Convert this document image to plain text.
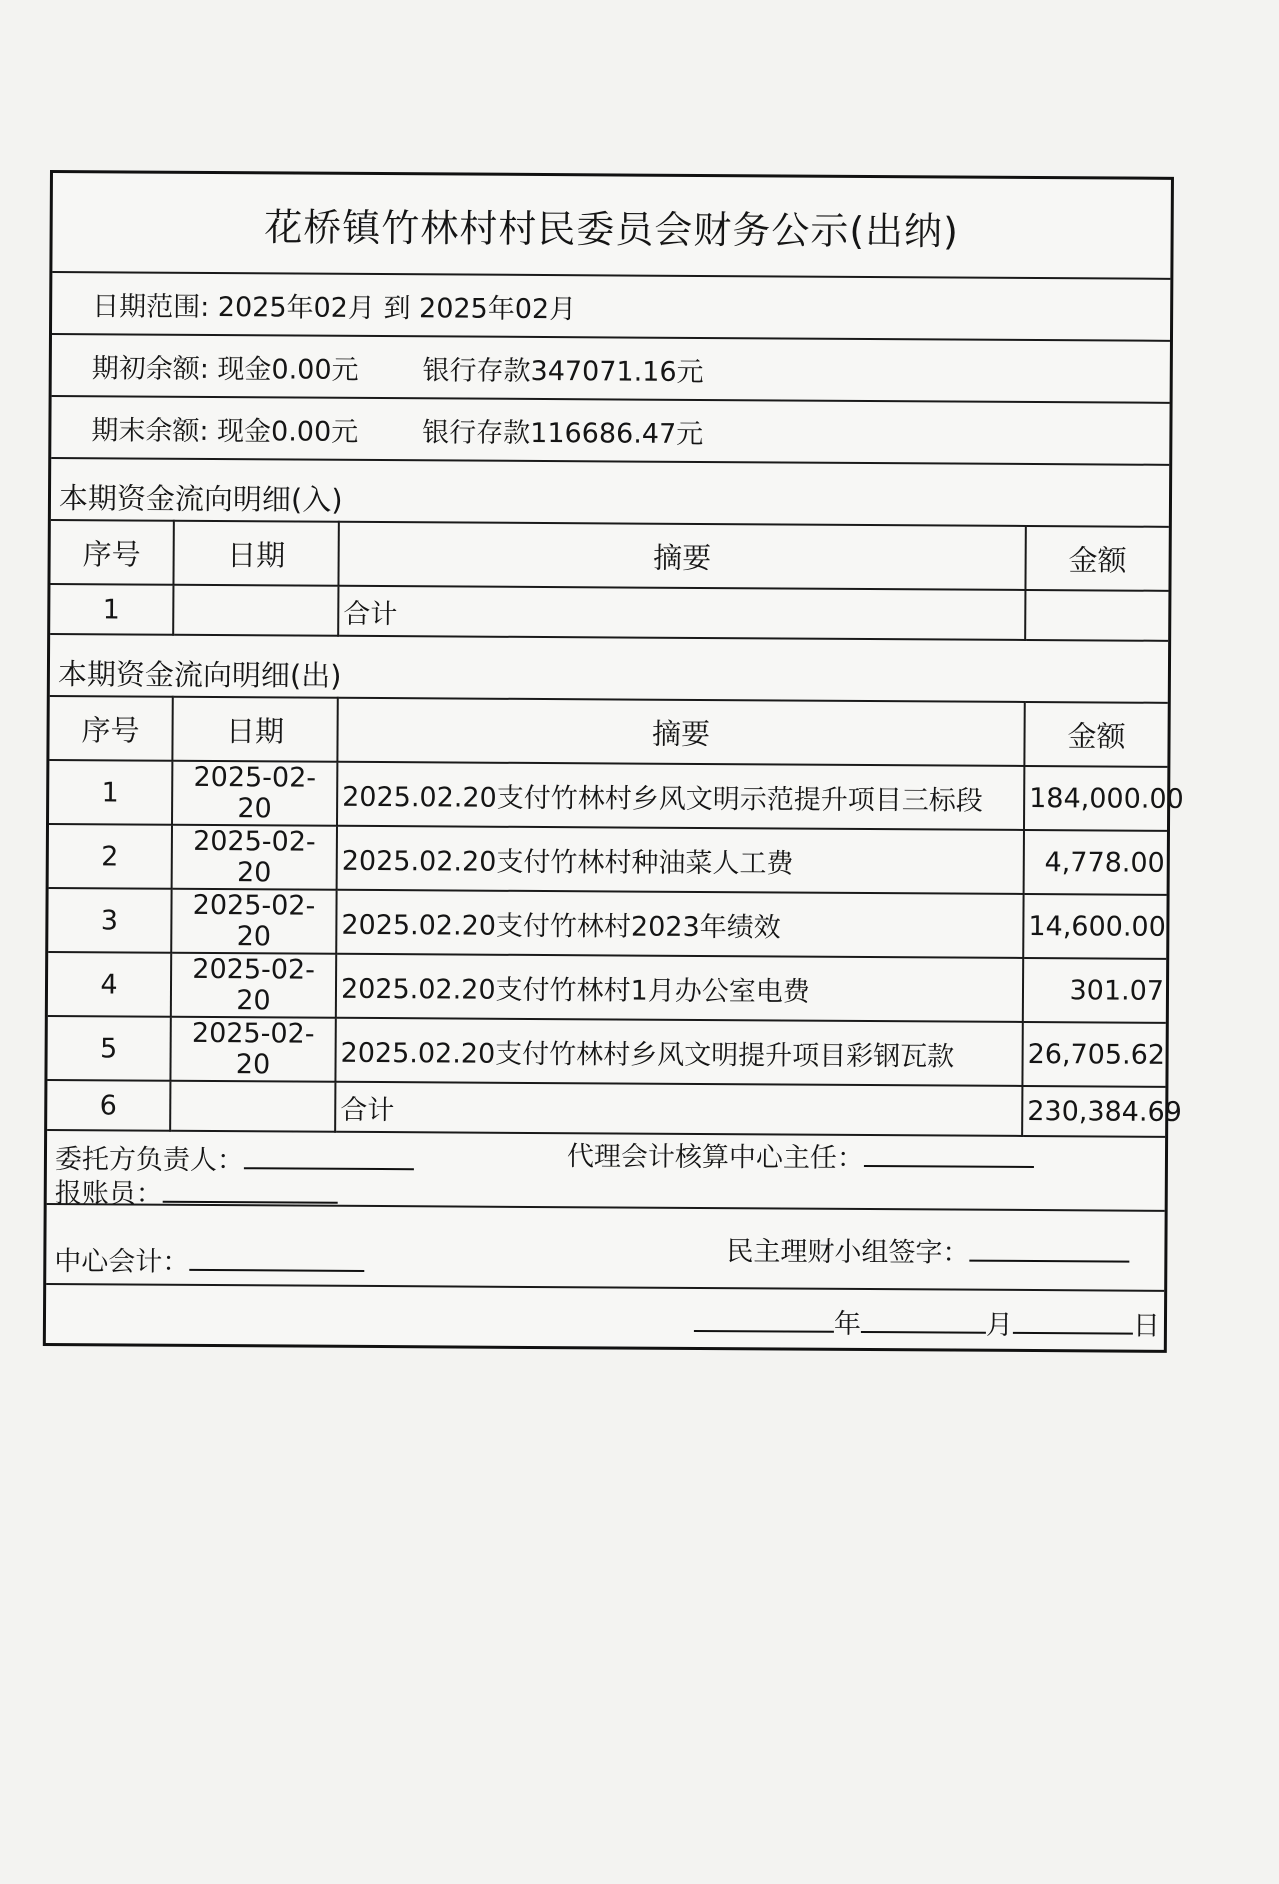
花桥镇竹林村村民委员会财务公示(出纳)
日期范围: 2025年02月 到 2025年02月
期初余额: 现金0.00元 银行存款347071.16元
期末余额: 现金0.00元 银行存款116686.47元
本期资金流向明细(入)
序号	日期	摘要	金额
1		合计	
本期资金流向明细(出)
序号	日期	摘要	金额
1	2025-02-20	2025.02.20支付竹林村乡风文明示范提升项目三标段	184,000.00
2	2025-02-20	2025.02.20支付竹林村种油菜人工费	4,778.00
3	2025-02-20	2025.02.20支付竹林村2023年绩效	14,600.00
4	2025-02-20	2025.02.20支付竹林村1月办公室电费	301.07
5	2025-02-20	2025.02.20支付竹林村乡风文明提升项目彩钢瓦款	26,705.62
6		合计	230,384.69
委托方负责人：	代理会计核算中心主任：
报账员：
中心会计：	民主理财小组签字：
年	月	日
